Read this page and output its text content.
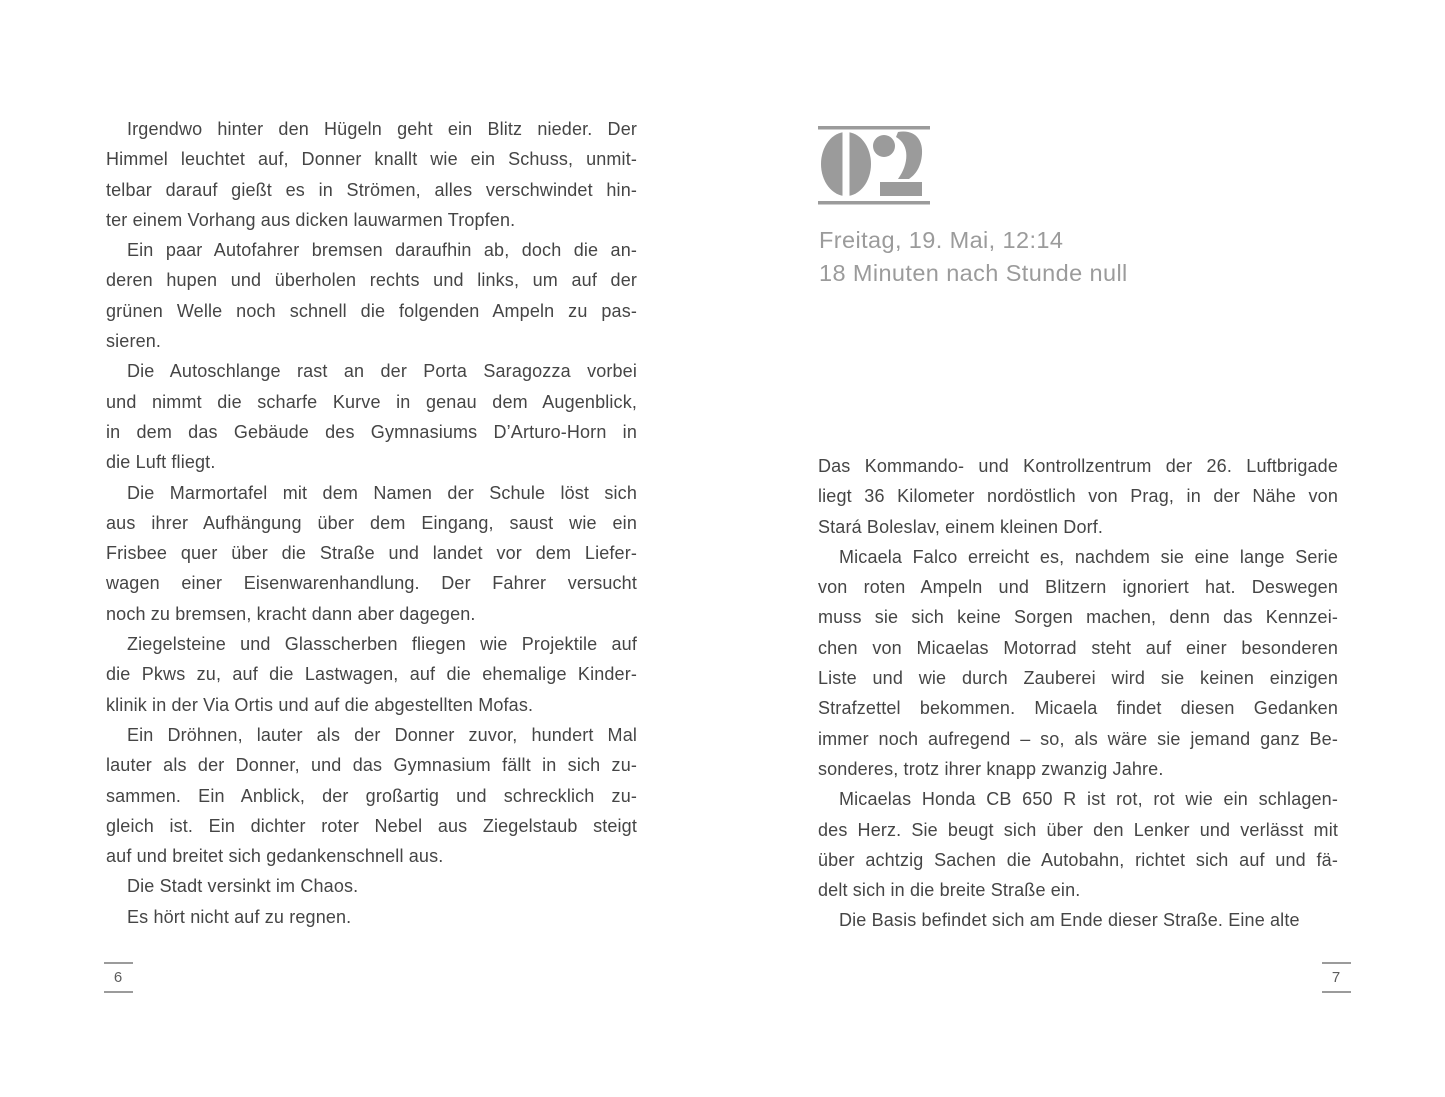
Irgendwo hinter den Hügeln geht ein Blitz nieder. Der
Himmel leuchtet auf, Donner knallt wie ein Schuss, unmit-
telbar darauf gießt es in Strömen, alles verschwindet hin-
ter einem Vorhang aus dicken lauwarmen Tropfen.
Ein paar Autofahrer bremsen daraufhin ab, doch die an-
deren hupen und überholen rechts und links, um auf der
grünen Welle noch schnell die folgenden Ampeln zu pas-
sieren.
Die Autoschlange rast an der Porta Saragozza vorbei
und nimmt die scharfe Kurve in genau dem Augenblick,
in dem das Gebäude des Gymnasiums D’Arturo-Horn in
die Luft fliegt.
Die Marmortafel mit dem Namen der Schule löst sich
aus ihrer Aufhängung über dem Eingang, saust wie ein
Frisbee quer über die Straße und landet vor dem Liefer-
wagen einer Eisenwarenhandlung. Der Fahrer versucht
noch zu bremsen, kracht dann aber dagegen.
Ziegelsteine und Glasscherben fliegen wie Projektile auf
die Pkws zu, auf die Lastwagen, auf die ehemalige Kinder-
klinik in der Via Ortis und auf die abgestellten Mofas.
Ein Dröhnen, lauter als der Donner zuvor, hundert Mal
lauter als der Donner, und das Gymnasium fällt in sich zu-
sammen. Ein Anblick, der großartig und schrecklich zu-
gleich ist. Ein dichter roter Nebel aus Ziegelstaub steigt
auf und breitet sich gedankenschnell aus.
Die Stadt versinkt im Chaos.
Es hört nicht auf zu regnen.
6
Freitag, 19. Mai, 12:14
18 Minuten nach Stunde null
Das Kommando- und Kontrollzentrum der 26. Luftbrigade
liegt 36 Kilometer nordöstlich von Prag, in der Nähe von
Stará Boleslav, einem kleinen Dorf.
Micaela Falco erreicht es, nachdem sie eine lange Serie
von roten Ampeln und Blitzern ignoriert hat. Deswegen
muss sie sich keine Sorgen machen, denn das Kennzei-
chen von Micaelas Motorrad steht auf einer besonderen
Liste und wie durch Zauberei wird sie keinen einzigen
Strafzettel bekommen. Micaela findet diesen Gedanken
immer noch aufregend – so, als wäre sie jemand ganz Be-
sonderes, trotz ihrer knapp zwanzig Jahre.
Micaelas Honda CB 650 R ist rot, rot wie ein schlagen-
des Herz. Sie beugt sich über den Lenker und verlässt mit
über achtzig Sachen die Autobahn, richtet sich auf und fä-
delt sich in die breite Straße ein.
Die Basis befindet sich am Ende dieser Straße. Eine alte
7
